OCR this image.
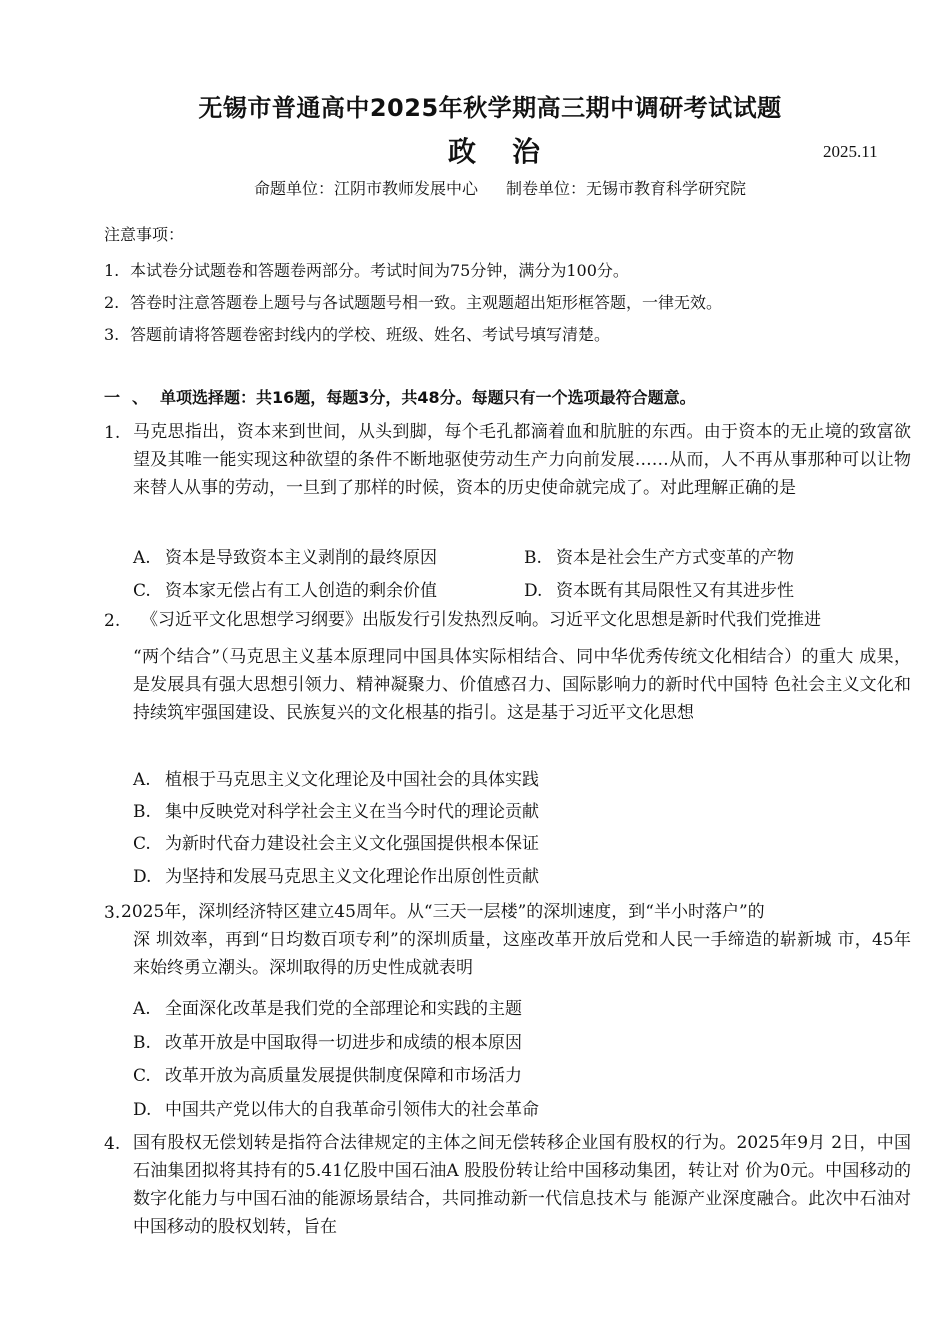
无锡市普通高中2025年秋学期高三期中调研考试试题
政 治	2025.11
命题单位：江阴市教师发展中心 制卷单位：无锡市教育科学研究院
注意事项：
1. 本试卷分试题卷和答题卷两部分。考试时间为75分钟，满分为100分。
2. 答卷时注意答题卷上题号与各试题题号相一致。主观题超出矩形框答题，一律无效。
3. 答题前请将答题卷密封线内的学校、班级、姓名、考试号填写清楚。
一 、 单项选择题：共16题，每题3分，共48分。每题只有一个选项最符合题意。
1. 马克思指出，资本来到世间，从头到脚，每个毛孔都滴着血和肮脏的东西。由于资本的无止境的致富欲望及其唯一能实现这种欲望的条件不断地驱使劳动生产力向前发展……从而，人不再从事那种可以让物来替人从事的劳动，一旦到了那样的时候，资本的历史使命就完成了。对此理解正确的是
A. 资本是导致资本主义剥削的最终原因	B. 资本是社会生产方式变革的产物
C. 资本家无偿占有工人创造的剩余价值	D. 资本既有其局限性又有其进步性
2. 《习近平文化思想学习纲要》出版发行引发热烈反响。习近平文化思想是新时代我们党推进
“两个结合”（马克思主义基本原理同中国具体实际相结合、同中华优秀传统文化相结合）的重大 成果，是发展具有强大思想引领力、精神凝聚力、价值感召力、国际影响力的新时代中国特 色社会主义文化和持续筑牢强国建设、民族复兴的文化根基的指引。这是基于习近平文化思想
A. 植根于马克思主义文化理论及中国社会的具体实践
B. 集中反映党对科学社会主义在当今时代的理论贡献
C. 为新时代奋力建设社会主义文化强国提供根本保证
D. 为坚持和发展马克思主义文化理论作出原创性贡献
3. 2025年，深圳经济特区建立45周年。从“三天一层楼”的深圳速度，到“半小时落户”的
深 圳效率，再到“日均数百项专利”的深圳质量，这座改革开放后党和人民一手缔造的崭新城 市，45年来始终勇立潮头。深圳取得的历史性成就表明
A. 全面深化改革是我们党的全部理论和实践的主题
B. 改革开放是中国取得一切进步和成绩的根本原因
C. 改革开放为高质量发展提供制度保障和市场活力
D. 中国共产党以伟大的自我革命引领伟大的社会革命
4. 国有股权无偿划转是指符合法律规定的主体之间无偿转移企业国有股权的行为。2025年9月 2日，中国石油集团拟将其持有的5.41亿股中国石油A 股股份转让给中国移动集团，转让对 价为0元。中国移动的数字化能力与中国石油的能源场景结合，共同推动新一代信息技术与 能源产业深度融合。此次中石油对中国移动的股权划转，旨在
